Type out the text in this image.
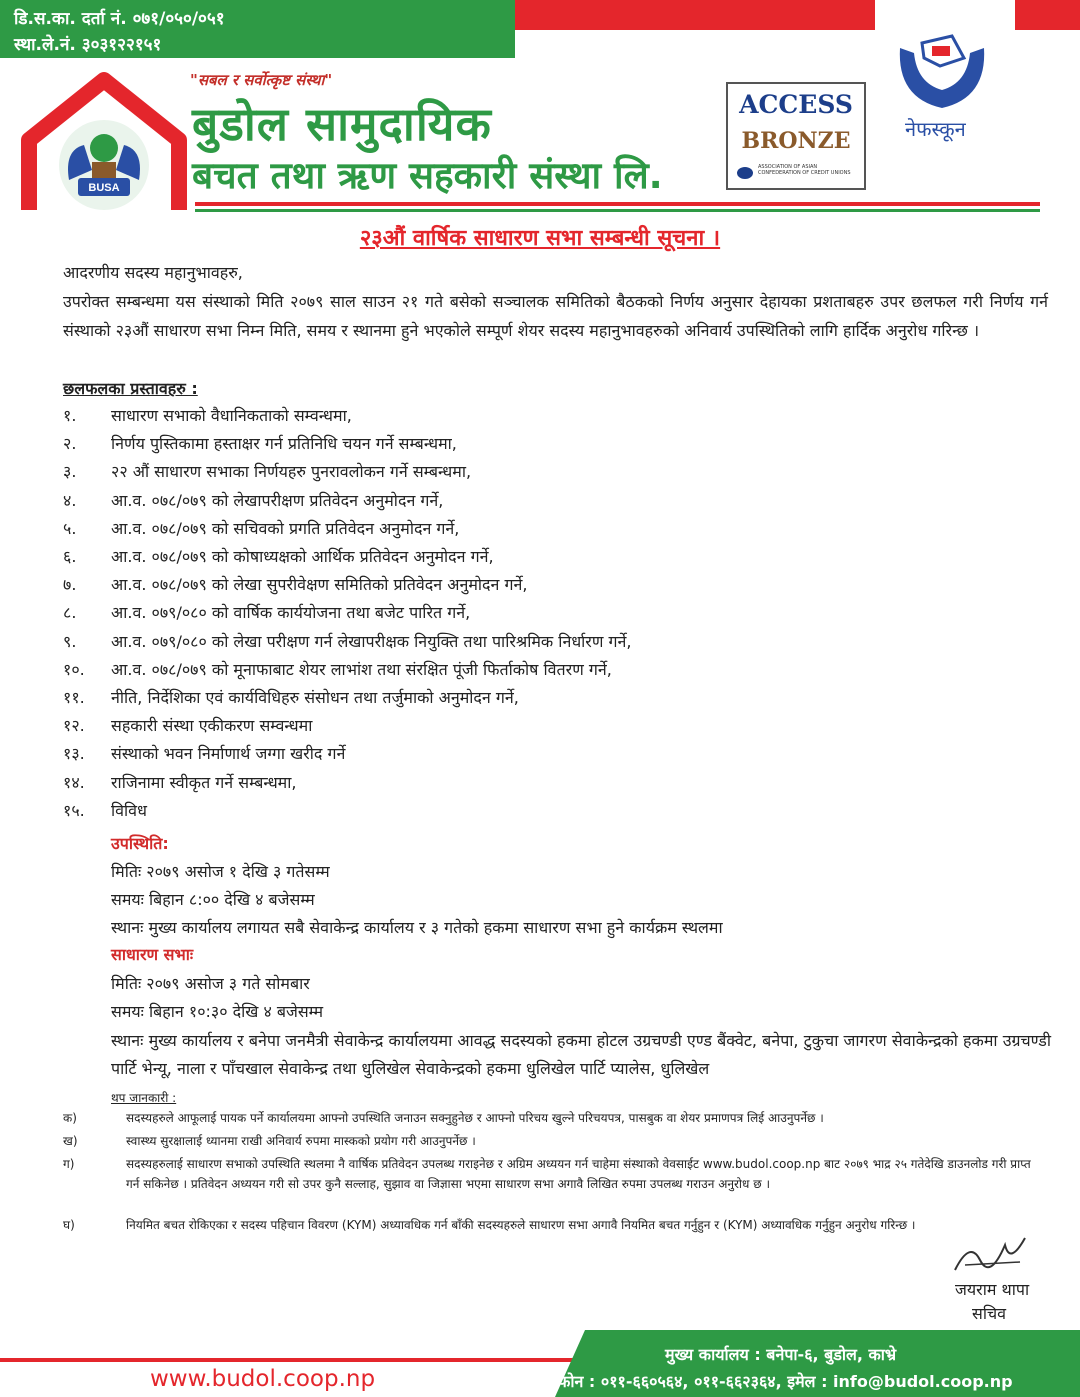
डि.स.का. दर्ता नं. ०७१/०५०/०५१
स्था.ले.नं. ३०३१२२१५१
BUSA
"सबल र सर्वोत्कृष्ट संस्था"
बुडोल सामुदायिक
बचत तथा ऋण सहकारी संस्था लि.
ACCESS
BRONZE
ASSOCIATION OF ASIAN CONFEDERATION OF CREDIT UNIONS
नेफस्कून
२३औं वार्षिक साधारण सभा सम्बन्धी सूचना ।
आदरणीय सदस्य महानुभावहरु,
उपरोक्त सम्बन्धमा यस संस्थाको मिति २०७९ साल साउन २१ गते बसेको सञ्चालक समितिको बैठकको निर्णय अनुसार देहायका प्रशताबहरु उपर छलफल गरी निर्णय गर्न संस्थाको २३औं साधारण सभा निम्न मिति, समय र स्थानमा हुने भएकोले सम्पूर्ण शेयर सदस्य महानुभावहरुको अनिवार्य उपस्थितिको लागि हार्दिक अनुरोध गरिन्छ ।
छलफलका प्रस्तावहरु :
१. साधारण सभाको वैधानिकताको सम्वन्धमा,
२. निर्णय पुस्तिकामा हस्ताक्षर गर्न प्रतिनिधि चयन गर्ने सम्बन्धमा,
३. २२ औं साधारण सभाका निर्णयहरु पुनरावलोकन गर्ने सम्बन्धमा,
४. आ.व. ०७८/०७९ को लेखापरीक्षण प्रतिवेदन अनुमोदन गर्ने,
५. आ.व. ०७८/०७९ को सचिवको प्रगति प्रतिवेदन अनुमोदन गर्ने,
६. आ.व. ०७८/०७९ को कोषाध्यक्षको आर्थिक प्रतिवेदन अनुमोदन गर्ने,
७. आ.व. ०७८/०७९ को लेखा सुपरीवेक्षण समितिको प्रतिवेदन अनुमोदन गर्ने,
८. आ.व. ०७९/०८० को वार्षिक कार्ययोजना तथा बजेट पारित गर्ने,
९. आ.व. ०७९/०८० को लेखा परीक्षण गर्न लेखापरीक्षक नियुक्ति तथा पारिश्रमिक निर्धारण गर्ने,
१०. आ.व. ०७८/०७९ को मूनाफाबाट शेयर लाभांश तथा संरक्षित पूंजी फिर्ताकोष वितरण गर्ने,
११. नीति, निर्देशिका एवं कार्यविधिहरु संसोधन तथा तर्जुमाको अनुमोदन गर्ने,
१२. सहकारी संस्था एकीकरण सम्वन्धमा
१३. संस्थाको भवन निर्माणार्थ जग्गा खरीद गर्ने
१४. राजिनामा स्वीकृत गर्ने सम्बन्धमा,
१५. विविध
उपस्थिति:
मितिः २०७९ असोज १ देखि ३ गतेसम्म
समयः बिहान ८:०० देखि ४ बजेसम्म
स्थानः मुख्य कार्यालय लगायत सबै सेवाकेन्द्र कार्यालय र ३ गतेको हकमा साधारण सभा हुने कार्यक्रम स्थलमा
साधारण सभाः
मितिः २०७९ असोज ३ गते सोमबार
समयः बिहान १०:३० देखि ४ बजेसम्म
स्थानः मुख्य कार्यालय र बनेपा जनमैत्री सेवाकेन्द्र कार्यालयमा आवद्ध सदस्यको हकमा होटल उग्रचण्डी एण्ड बैंक्वेट, बनेपा, टुकुचा जागरण सेवाकेन्द्रको हकमा उग्रचण्डी पार्टि भेन्यू, नाला र पाँचखाल सेवाकेन्द्र तथा धुलिखेल सेवाकेन्द्रको हकमा धुलिखेल पार्टि प्यालेस, धुलिखेल
थप जानकारी :
क)	सदस्यहरुले आफूलाई पायक पर्ने कार्यालयमा आफ्नो उपस्थिति जनाउन सक्नुहुनेछ र आफ्नो परिचय खुल्ने परिचयपत्र, पासबुक वा शेयर प्रमाणपत्र लिई आउनुपर्नेछ ।
ख)	स्वास्थ्य सुरक्षालाई ध्यानमा राखी अनिवार्य रुपमा मास्कको प्रयोग गरी आउनुपर्नेछ ।
ग)	सदस्यहरुलाई साधारण सभाको उपस्थिति स्थलमा नै वार्षिक प्रतिवेदन उपलब्ध गराइनेछ र अग्रिम अध्ययन गर्न चाहेमा संस्थाको वेवसाईट www.budol.coop.np बाट २०७९ भाद्र २५ गतेदेखि डाउनलोड गरी प्राप्त गर्न सकिनेछ । प्रतिवेदन अध्ययन गरी सो उपर कुनै सल्लाह, सुझाव वा जिज्ञासा भएमा साधारण सभा अगावै लिखित रुपमा उपलब्ध गराउन अनुरोध छ ।
घ)	नियमित बचत रोकिएका र सदस्य पहिचान विवरण (KYM) अध्यावधिक गर्न बाँकी सदस्यहरुले साधारण सभा अगावै नियमित बचत गर्नुहुन र (KYM) अध्यावधिक गर्नुहुन अनुरोध गरिन्छ ।
जयराम थापा
सचिव
www.budol.coop.np
मुख्य कार्यालय : बनेपा-६, बुडोल, काभ्रे
फोन : ०११-६६०५६४, ०११-६६२३६४, इमेल : info@budol.coop.np
